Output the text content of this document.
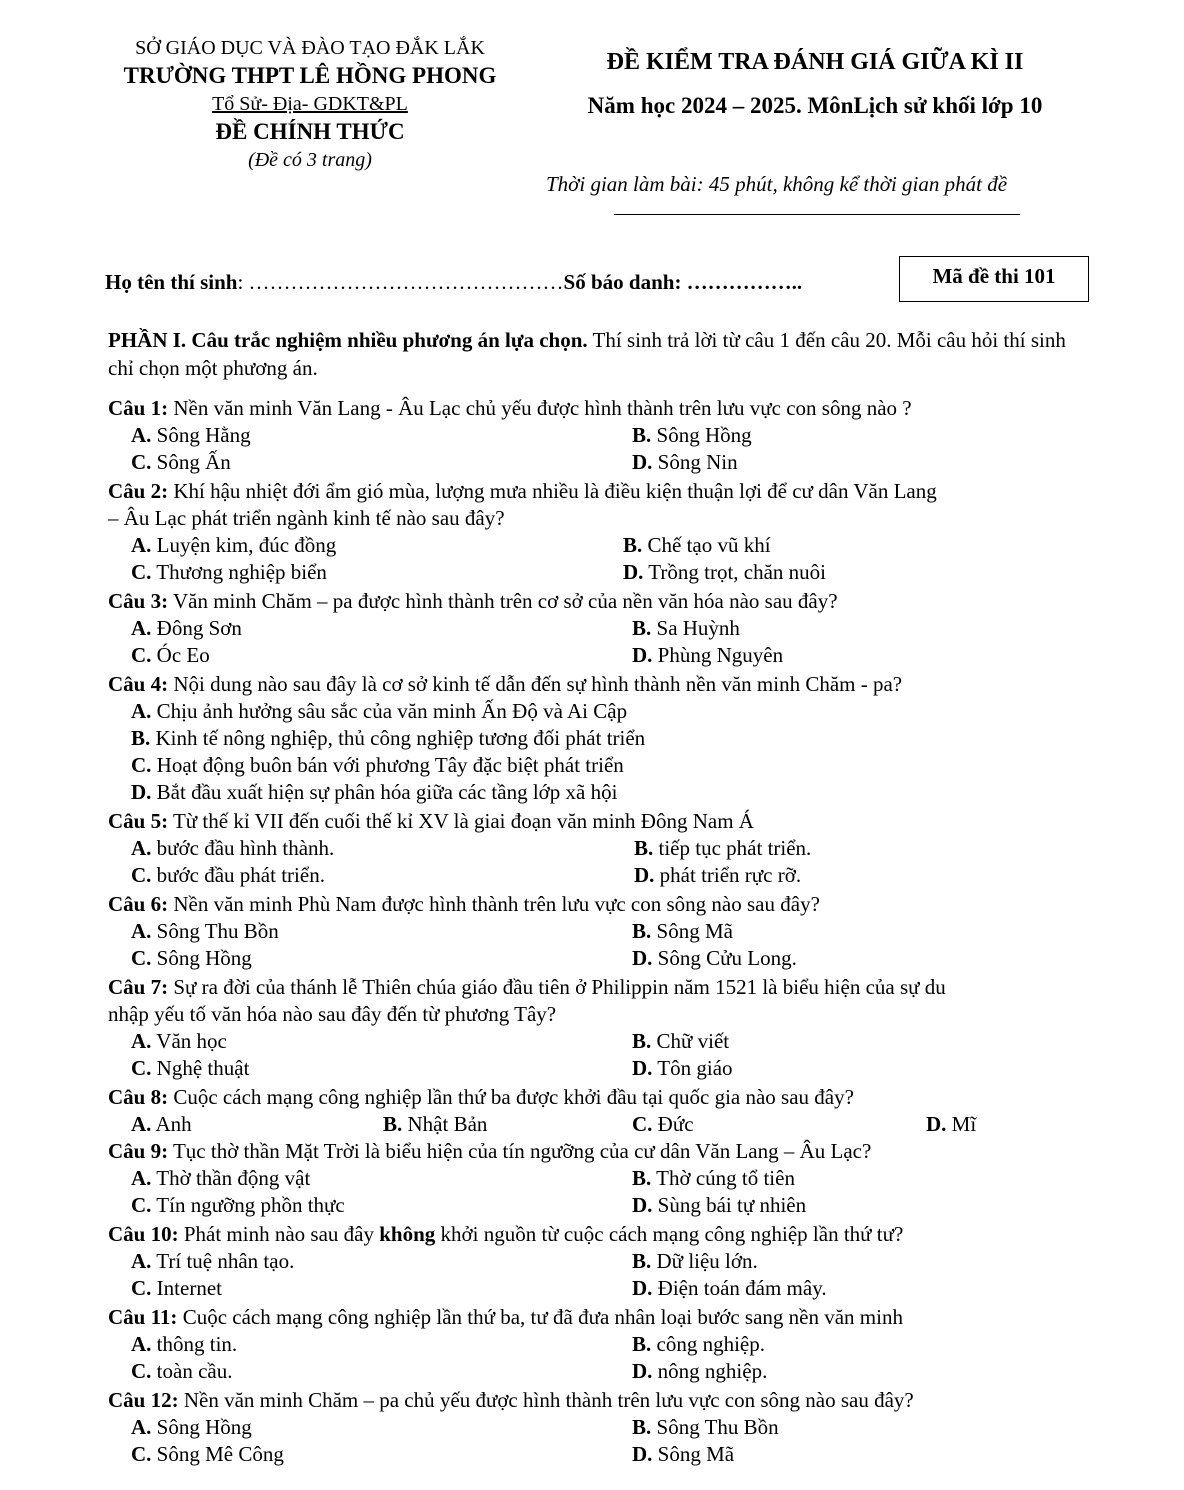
SỞ GIÁO DỤC VÀ ĐÀO TẠO ĐẮK LẮK
TRƯỜNG THPT LÊ HỒNG PHONG
Tổ Sử- Địa- GDKT&PL
ĐỀ CHÍNH THỨC
(Đề có 3 trang)
ĐỀ KIỂM TRA ĐÁNH GIÁ GIỮA KÌ II
Năm học 2024 – 2025. MônLịch sử khối lớp 10
Thời gian làm bài: 45 phút, không kể thời gian phát đề
Họ tên thí sinh: ………………………………………Số báo danh: ……………..	Mã đề thi 101
PHẦN I. Câu trắc nghiệm nhiều phương án lựa chọn. Thí sinh trả lời từ câu 1 đến câu 20. Mỗi câu hỏi thí sinh chỉ chọn một phương án.
Câu 1: Nền văn minh Văn Lang - Âu Lạc chủ yếu được hình thành trên lưu vực con sông nào ?
A. Sông Hằng	B. Sông Hồng
C. Sông Ấn	D. Sông Nin
Câu 2: Khí hậu nhiệt đới ẩm gió mùa, lượng mưa nhiều là điều kiện thuận lợi để cư dân Văn Lang
– Âu Lạc phát triển ngành kinh tế nào sau đây?
A. Luyện kim, đúc đồng	B. Chế tạo vũ khí
C. Thương nghiệp biển	D. Trồng trọt, chăn nuôi
Câu 3: Văn minh Chăm – pa được hình thành trên cơ sở của nền văn hóa nào sau đây?
A. Đông Sơn	B. Sa Huỳnh
C. Óc Eo	D. Phùng Nguyên
Câu 4: Nội dung nào sau đây là cơ sở kinh tế dẫn đến sự hình thành nền văn minh Chăm - pa?
A. Chịu ảnh hưởng sâu sắc của văn minh Ấn Độ và Ai Cập
B. Kinh tế nông nghiệp, thủ công nghiệp tương đối phát triển
C. Hoạt động buôn bán với phương Tây đặc biệt phát triển
D. Bắt đầu xuất hiện sự phân hóa giữa các tầng lớp xã hội
Câu 5: Từ thế kỉ VII đến cuối thế kỉ XV là giai đoạn văn minh Đông Nam Á
A. bước đầu hình thành.	B. tiếp tục phát triển.
C. bước đầu phát triển.	D. phát triển rực rỡ.
Câu 6: Nền văn minh Phù Nam được hình thành trên lưu vực con sông nào sau đây?
A. Sông Thu Bồn	B. Sông Mã
C. Sông Hồng	D. Sông Cửu Long.
Câu 7: Sự ra đời của thánh lễ Thiên chúa giáo đầu tiên ở Philippin năm 1521 là biểu hiện của sự du
nhập yếu tố văn hóa nào sau đây đến từ phương Tây?
A. Văn học	B. Chữ viết
C. Nghệ thuật	D. Tôn giáo
Câu 8: Cuộc cách mạng công nghiệp lần thứ ba được khởi đầu tại quốc gia nào sau đây?
A. Anh	B. Nhật Bản	C. Đức	D. Mĩ
Câu 9: Tục thờ thần Mặt Trời là biểu hiện của tín ngưỡng của cư dân Văn Lang – Âu Lạc?
A. Thờ thần động vật	B. Thờ cúng tổ tiên
C. Tín ngưỡng phồn thực	D. Sùng bái tự nhiên
Câu 10: Phát minh nào sau đây không khởi nguồn từ cuộc cách mạng công nghiệp lần thứ tư?
A. Trí tuệ nhân tạo.	B. Dữ liệu lớn.
C. Internet	D. Điện toán đám mây.
Câu 11: Cuộc cách mạng công nghiệp lần thứ ba, tư đã đưa nhân loại bước sang nền văn minh
A. thông tin.	B. công nghiệp.
C. toàn cầu.	D. nông nghiệp.
Câu 12: Nền văn minh Chăm – pa chủ yếu được hình thành trên lưu vực con sông nào sau đây?
A. Sông Hồng	B. Sông Thu Bồn
C. Sông Mê Công	D. Sông Mã
